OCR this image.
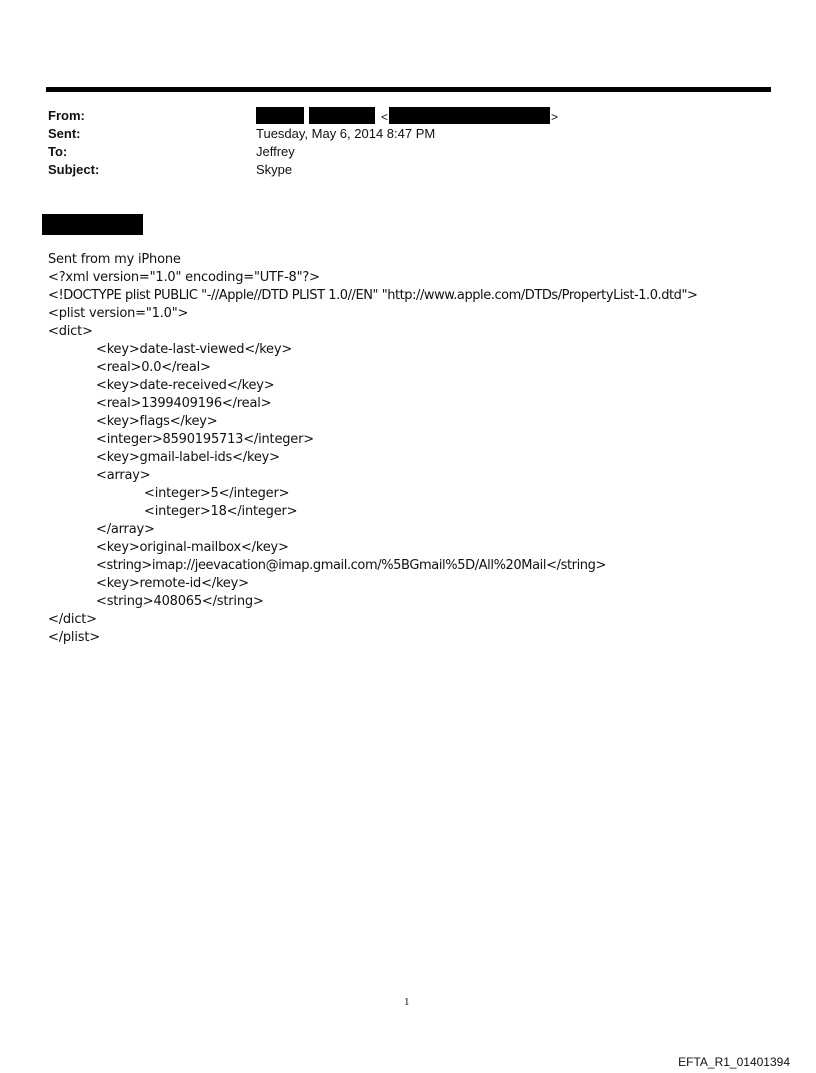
From:
Sent:
To:
Subject:
Tuesday, May 6, 2014 8:47 PM
Jeffrey
Skype
<	>
Sent from my iPhone
<?xml version="1.0" encoding="UTF-8"?>
<!DOCTYPE plist PUBLIC "-//Apple//DTD PLIST 1.0//EN" "http://www.apple.com/DTDs/PropertyList-1.0.dtd">
<plist version="1.0">
<dict>
<key>date-last-viewed</key>
<real>0.0</real>
<key>date-received</key>
<real>1399409196</real>
<key>flags</key>
<integer>8590195713</integer>
<key>gmail-label-ids</key>
<array>
<integer>5</integer>
<integer>18</integer>
</array>
<key>original-mailbox</key>
<string>imap://jeevacation@imap.gmail.com/%5BGmail%5D/All%20Mail</string>
<key>remote-id</key>
<string>408065</string>
</dict>
</plist>
1
EFTA_R1_01401394
